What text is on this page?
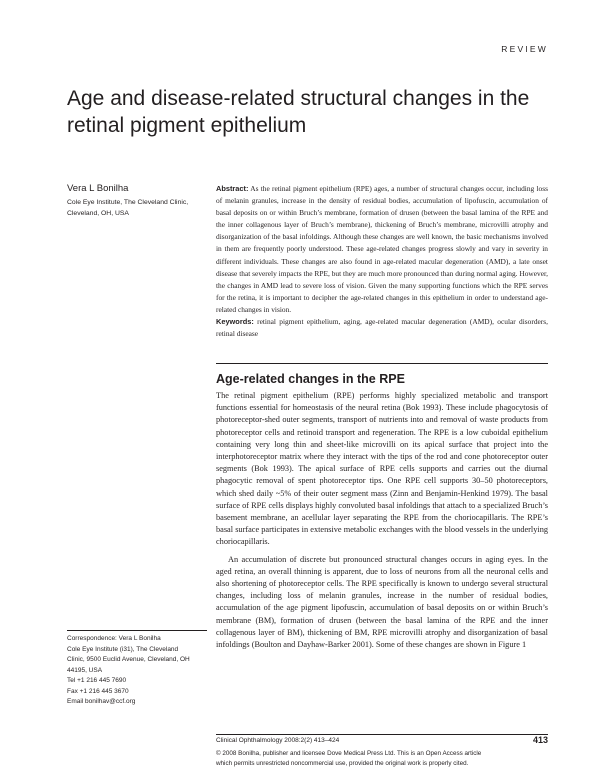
REVIEW
Age and disease-related structural changes in the retinal pigment epithelium
Vera L Bonilha
Cole Eye Institute, The Cleveland Clinic, Cleveland, OH, USA

Abstract: As the retinal pigment epithelium (RPE) ages, a number of structural changes occur, including loss of melanin granules, increase in the density of residual bodies, accumulation of lipofuscin, accumulation of basal deposits on or within Bruch’s membrane, formation of drusen (between the basal lamina of the RPE and the inner collagenous layer of Bruch’s membrane), thickening of Bruch’s membrane, microvilli atrophy and disorganization of the basal infoldings. Although these changes are well known, the basic mechanisms involved in them are frequently poorly understood. These age-related changes progress slowly and vary in severity in different individuals. These changes are also found in age-related macular degeneration (AMD), a late onset disease that severely impacts the RPE, but they are much more pronounced than during normal aging. However, the changes in AMD lead to severe loss of vision. Given the many supporting functions which the RPE serves for the retina, it is important to decipher the age-related changes in this epithelium in order to understand age-related changes in vision.
Keywords: retinal pigment epithelium, aging, age-related macular degeneration (AMD), ocular disorders, retinal disease

Age-related changes in the RPE

The retinal pigment epithelium (RPE) performs highly specialized metabolic and transport functions essential for homeostasis of the neural retina (Bok 1993). These include phagocytosis of photoreceptor-shed outer segments, transport of nutrients into and removal of waste products from photoreceptor cells and retinoid transport and regeneration. The RPE is a low cuboidal epithelium containing very long thin and sheet-like microvilli on its apical surface that project into the interphotoreceptor matrix where they interact with the tips of the rod and cone photoreceptor outer segments (Bok 1993). The apical surface of RPE cells supports and carries out the diurnal phagocytic removal of spent photoreceptor tips. One RPE cell supports 30–50 photoreceptors, which shed daily ~5% of their outer segment mass (Zinn and Benjamin-Henkind 1979). The basal surface of RPE cells displays highly convoluted basal infoldings that attach to a specialized Bruch’s basement membrane, an acellular layer separating the RPE from the choriocapillaris. The RPE’s basal surface participates in extensive metabolic exchanges with the blood vessels in the underlying choriocapillaris.

An accumulation of discrete but pronounced structural changes occurs in aging eyes. In the aged retina, an overall thinning is apparent, due to loss of neurons from all the neuronal cells and also shortening of photoreceptor cells. The RPE specifically is known to undergo several structural changes, including loss of melanin granules, increase in the number of residual bodies, accumulation of the age pigment lipofuscin, accumulation of basal deposits on or within Bruch’s membrane (BM), formation of drusen (between the basal lamina of the RPE and the inner collagenous layer of BM), thickening of BM, RPE microvilli atrophy and disorganization of basal infoldings (Boulton and Dayhaw-Barker 2001). Some of these changes are shown in Figure 1

Correspondence: Vera L Bonilha
Cole Eye Institute (i31), The Cleveland
Clinic, 9500 Euclid Avenue, Cleveland, OH
44195, USA
Tel +1 216 445 7690
Fax +1 216 445 3670
Email bonilhav@ccf.org
Clinical Ophthalmology 2008:2(2) 413–424	413
© 2008 Bonilha, publisher and licensee Dove Medical Press Ltd. This is an Open Access article
which permits unrestricted noncommercial use, provided the original work is properly cited.
